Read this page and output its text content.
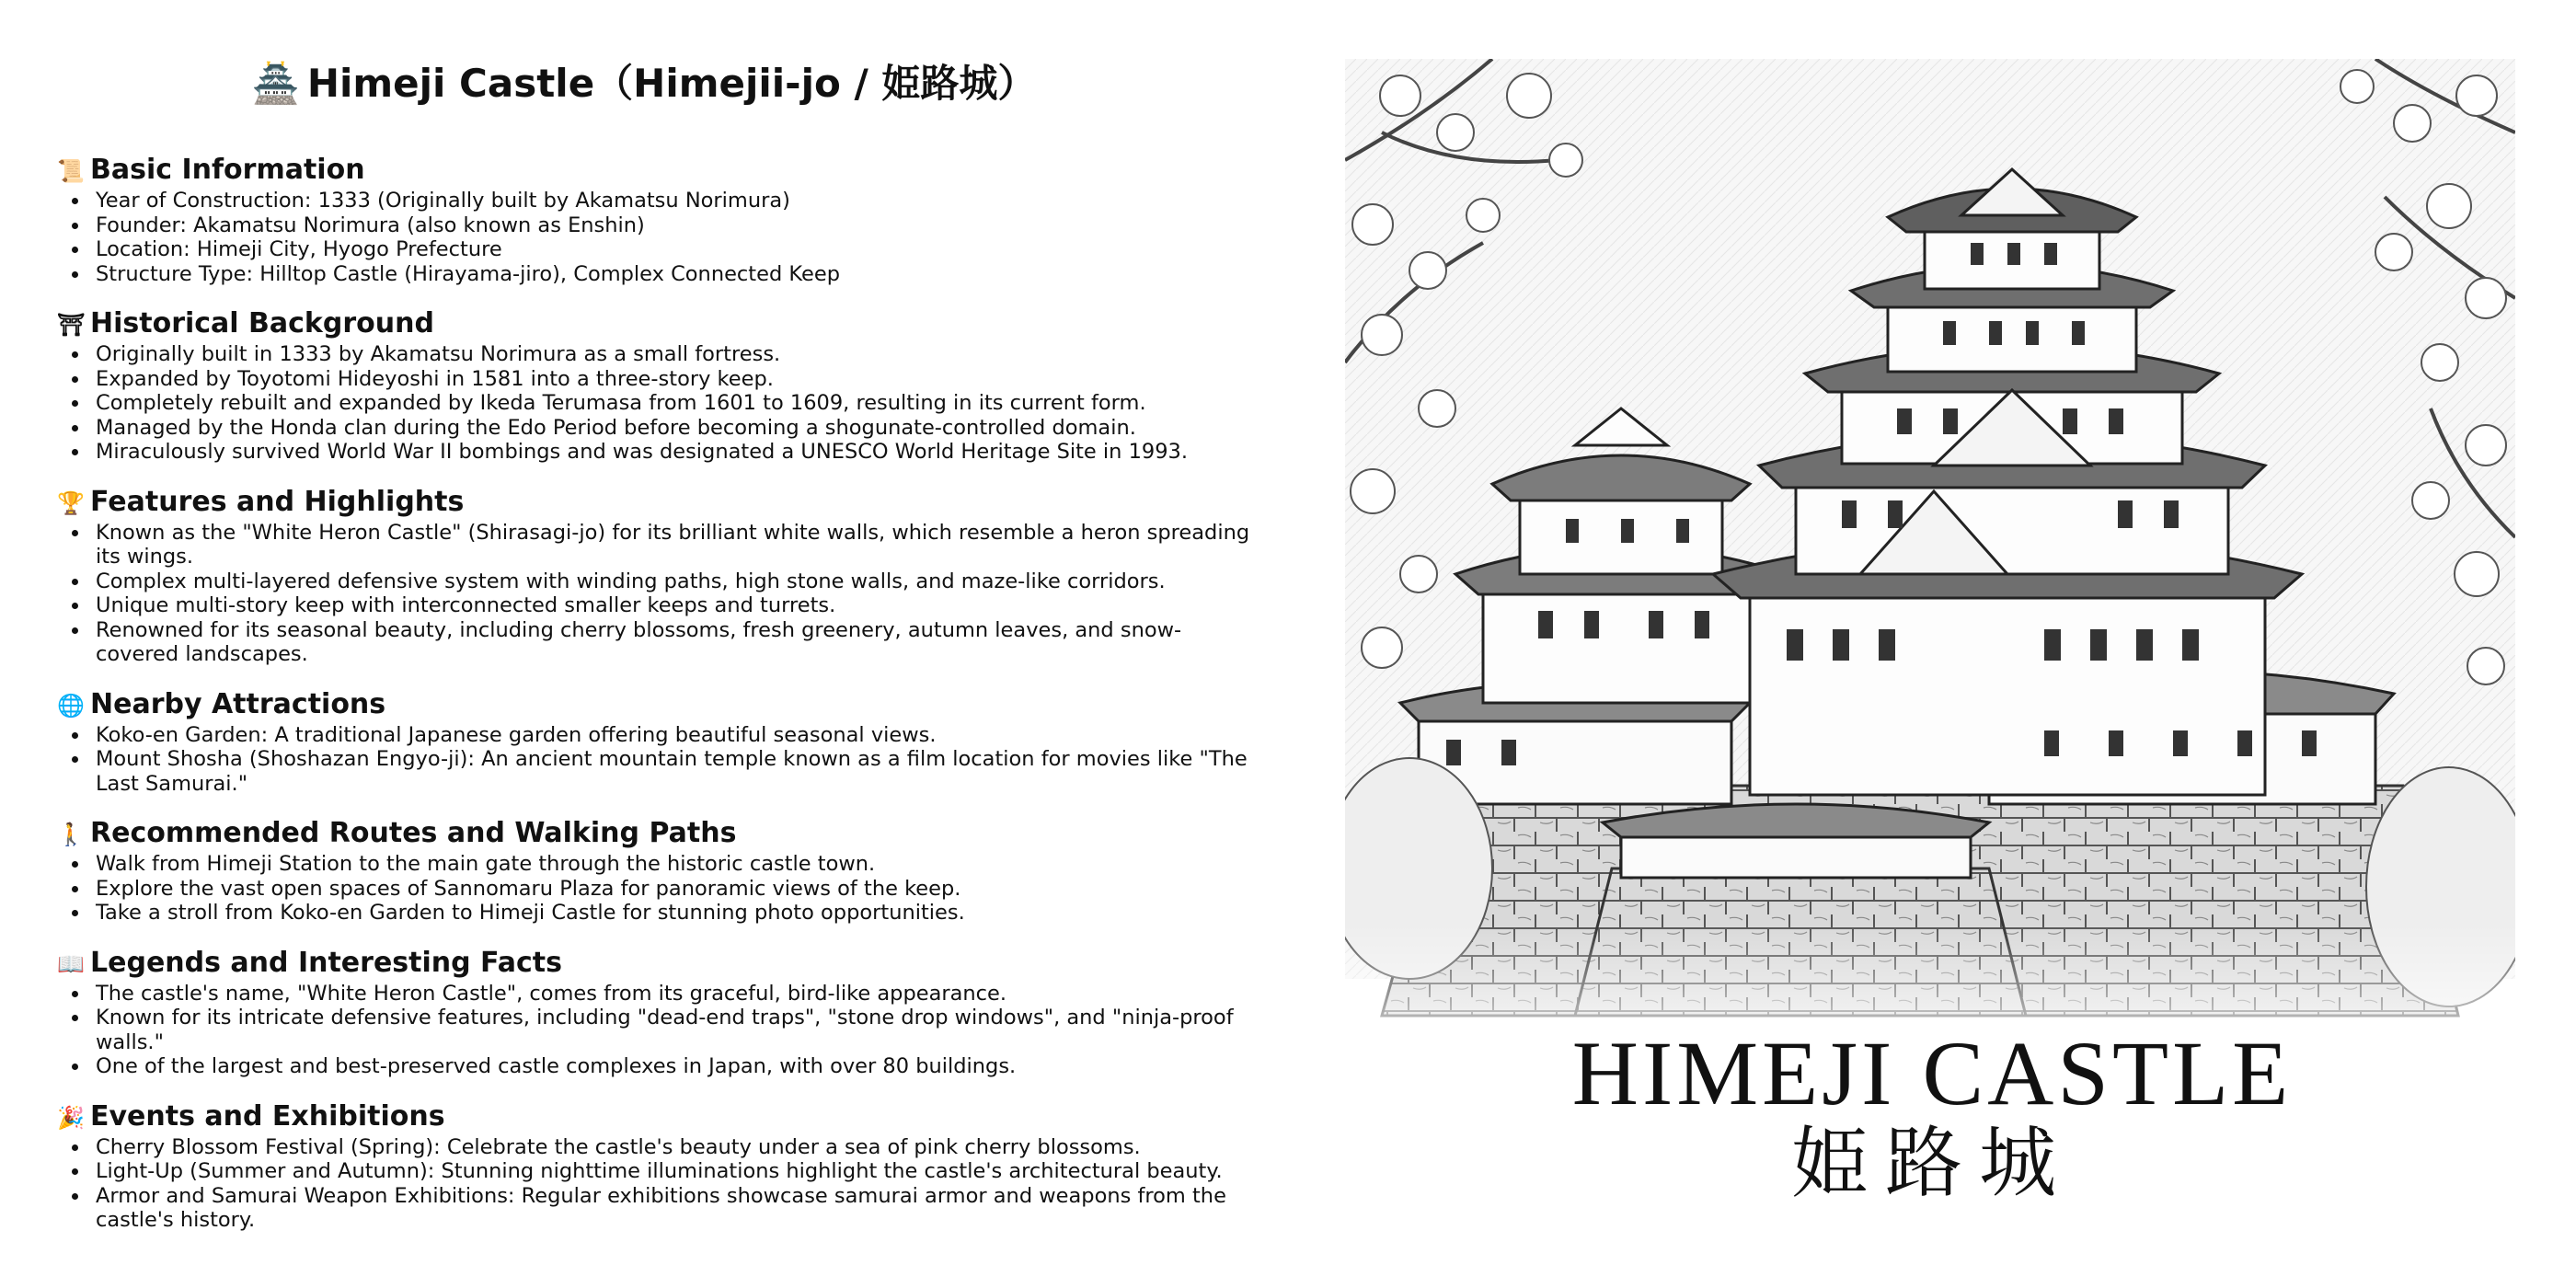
🏯 Himeji Castle（Himejii-jo / 姫路城）
📜 Basic Information
Year of Construction: 1333 (Originally built by Akamatsu Norimura)
Founder: Akamatsu Norimura (also known as Enshin)
Location: Himeji City, Hyogo Prefecture
Structure Type: Hilltop Castle (Hirayama-jiro), Complex Connected Keep
⛩ Historical Background
Originally built in 1333 by Akamatsu Norimura as a small fortress.
Expanded by Toyotomi Hideyoshi in 1581 into a three-story keep.
Completely rebuilt and expanded by Ikeda Terumasa from 1601 to 1609, resulting in its current form.
Managed by the Honda clan during the Edo Period before becoming a shogunate-controlled domain.
Miraculously survived World War II bombings and was designated a UNESCO World Heritage Site in 1993.
🏆 Features and Highlights
Known as the "White Heron Castle" (Shirasagi-jo) for its brilliant white walls, which resemble a heron spreading its wings.
Complex multi-layered defensive system with winding paths, high stone walls, and maze-like corridors.
Unique multi-story keep with interconnected smaller keeps and turrets.
Renowned for its seasonal beauty, including cherry blossoms, fresh greenery, autumn leaves, and snow-covered landscapes.
🌐 Nearby Attractions
Koko-en Garden: A traditional Japanese garden offering beautiful seasonal views.
Mount Shosha (Shoshazan Engyo-ji): An ancient mountain temple known as a film location for movies like "The Last Samurai."
🚶 Recommended Routes and Walking Paths
Walk from Himeji Station to the main gate through the historic castle town.
Explore the vast open spaces of Sannomaru Plaza for panoramic views of the keep.
Take a stroll from Koko-en Garden to Himeji Castle for stunning photo opportunities.
📖 Legends and Interesting Facts
The castle's name, "White Heron Castle", comes from its graceful, bird-like appearance.
Known for its intricate defensive features, including "dead-end traps", "stone drop windows", and "ninja-proof walls."
One of the largest and best-preserved castle complexes in Japan, with over 80 buildings.
🎉 Events and Exhibitions
Cherry Blossom Festival (Spring): Celebrate the castle's beauty under a sea of pink cherry blossoms.
Light-Up (Summer and Autumn): Stunning nighttime illuminations highlight the castle's architectural beauty.
Armor and Samurai Weapon Exhibitions: Regular exhibitions showcase samurai armor and weapons from the castle's history.
HIMEJI CASTLE
姫路城
